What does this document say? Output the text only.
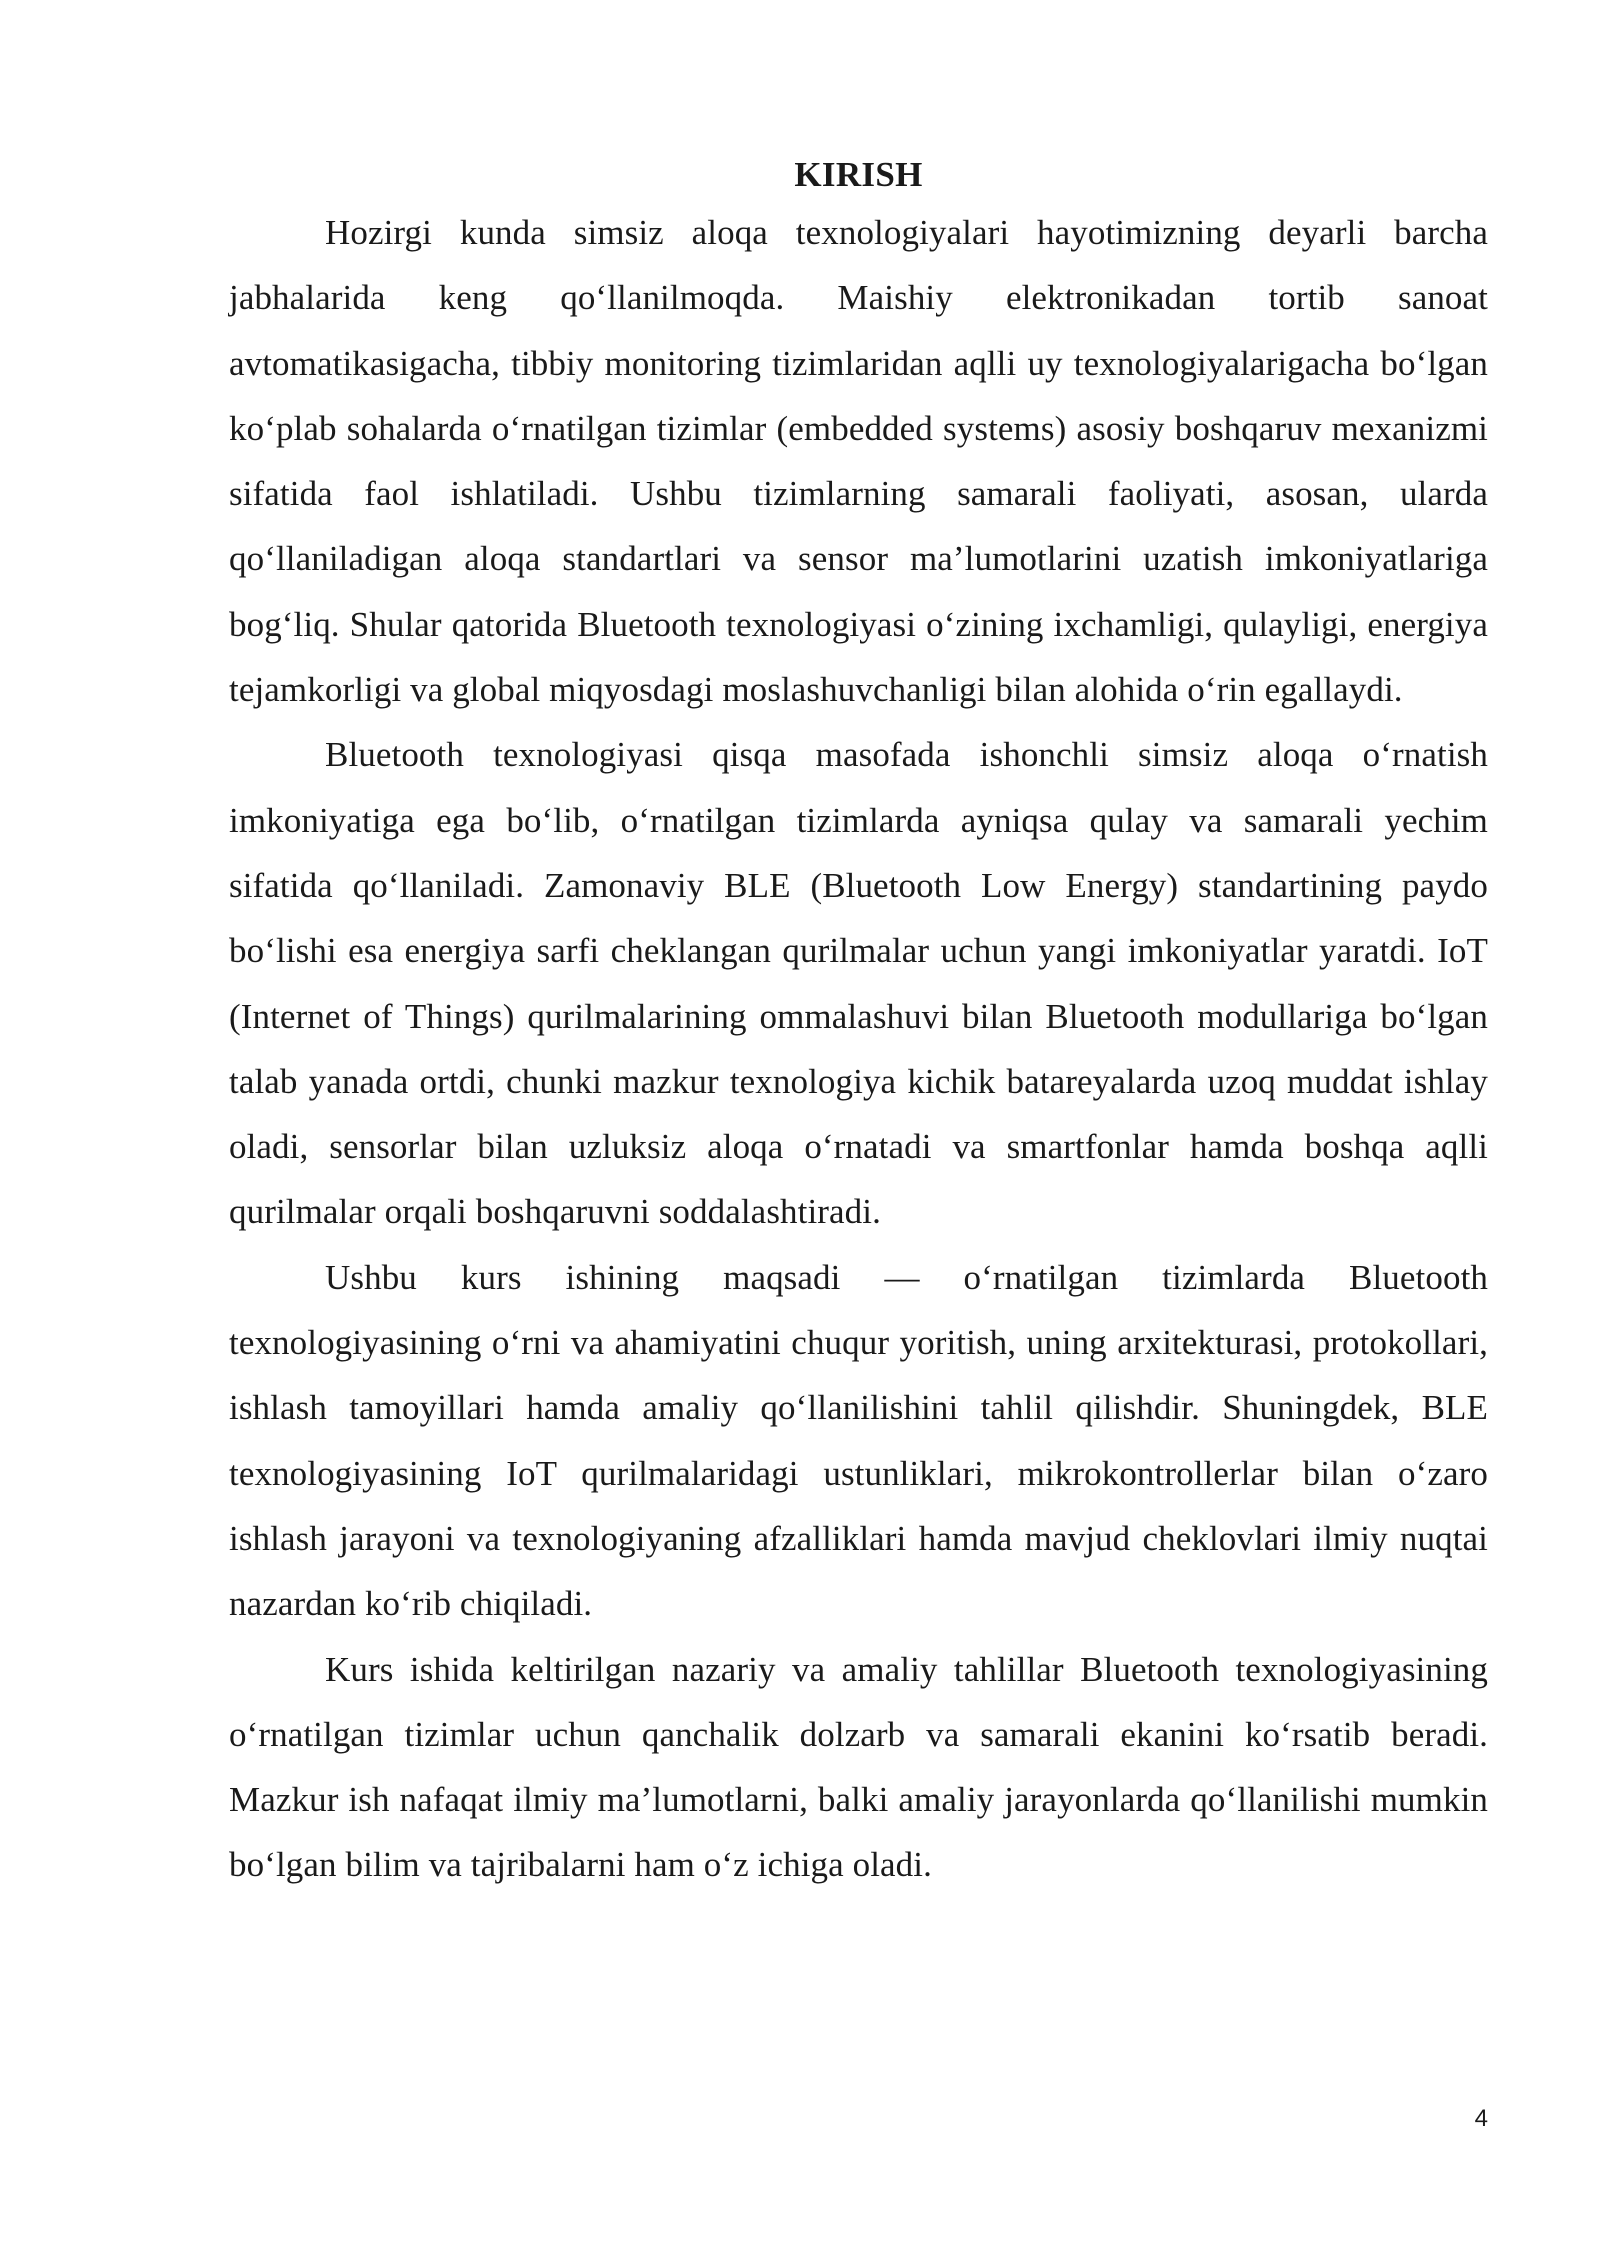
KIRISH

Hozirgi kunda simsiz aloqa texnologiyalari hayotimizning deyarli barcha jabhalarida keng qo‘llanilmoqda. Maishiy elektronikadan tortib sanoat avtomatikasigacha, tibbiy monitoring tizimlaridan aqlli uy texnologiyalarigacha bo‘lgan ko‘plab sohalarda o‘rnatilgan tizimlar (embedded systems) asosiy boshqaruv mexanizmi sifatida faol ishlatiladi. Ushbu tizimlarning samarali faoliyati, asosan, ularda qo‘llaniladigan aloqa standartlari va sensor ma’lumotlarini uzatish imkoniyatlariga bog‘liq. Shular qatorida Bluetooth texnologiyasi o‘zining ixchamligi, qulayligi, energiya tejamkorligi va global miqyosdagi moslashuvchanligi bilan alohida o‘rin egallaydi.

Bluetooth texnologiyasi qisqa masofada ishonchli simsiz aloqa o‘rnatish imkoniyatiga ega bo‘lib, o‘rnatilgan tizimlarda ayniqsa qulay va samarali yechim sifatida qo‘llaniladi. Zamonaviy BLE (Bluetooth Low Energy) standartining paydo bo‘lishi esa energiya sarfi cheklangan qurilmalar uchun yangi imkoniyatlar yaratdi. IoT (Internet of Things) qurilmalarining ommalashuvi bilan Bluetooth modullariga bo‘lgan talab yanada ortdi, chunki mazkur texnologiya kichik batareyalarda uzoq muddat ishlay oladi, sensorlar bilan uzluksiz aloqa o‘rnatadi va smartfonlar hamda boshqa aqlli qurilmalar orqali boshqaruvni soddalashtiradi.

Ushbu kurs ishining maqsadi — o‘rnatilgan tizimlarda Bluetooth texnologiyasining o‘rni va ahamiyatini chuqur yoritish, uning arxitekturasi, protokollari, ishlash tamoyillari hamda amaliy qo‘llanilishini tahlil qilishdir. Shuningdek, BLE texnologiyasining IoT qurilmalaridagi ustunliklari, mikrokontrollerlar bilan o‘zaro ishlash jarayoni va texnologiyaning afzalliklari hamda mavjud cheklovlari ilmiy nuqtai nazardan ko‘rib chiqiladi.

Kurs ishida keltirilgan nazariy va amaliy tahlillar Bluetooth texnologiyasining o‘rnatilgan tizimlar uchun qanchalik dolzarb va samarali ekanini ko‘rsatib beradi. Mazkur ish nafaqat ilmiy ma’lumotlarni, balki amaliy jarayonlarda qo‘llanilishi mumkin bo‘lgan bilim va tajribalarni ham o‘z ichiga oladi.

4
